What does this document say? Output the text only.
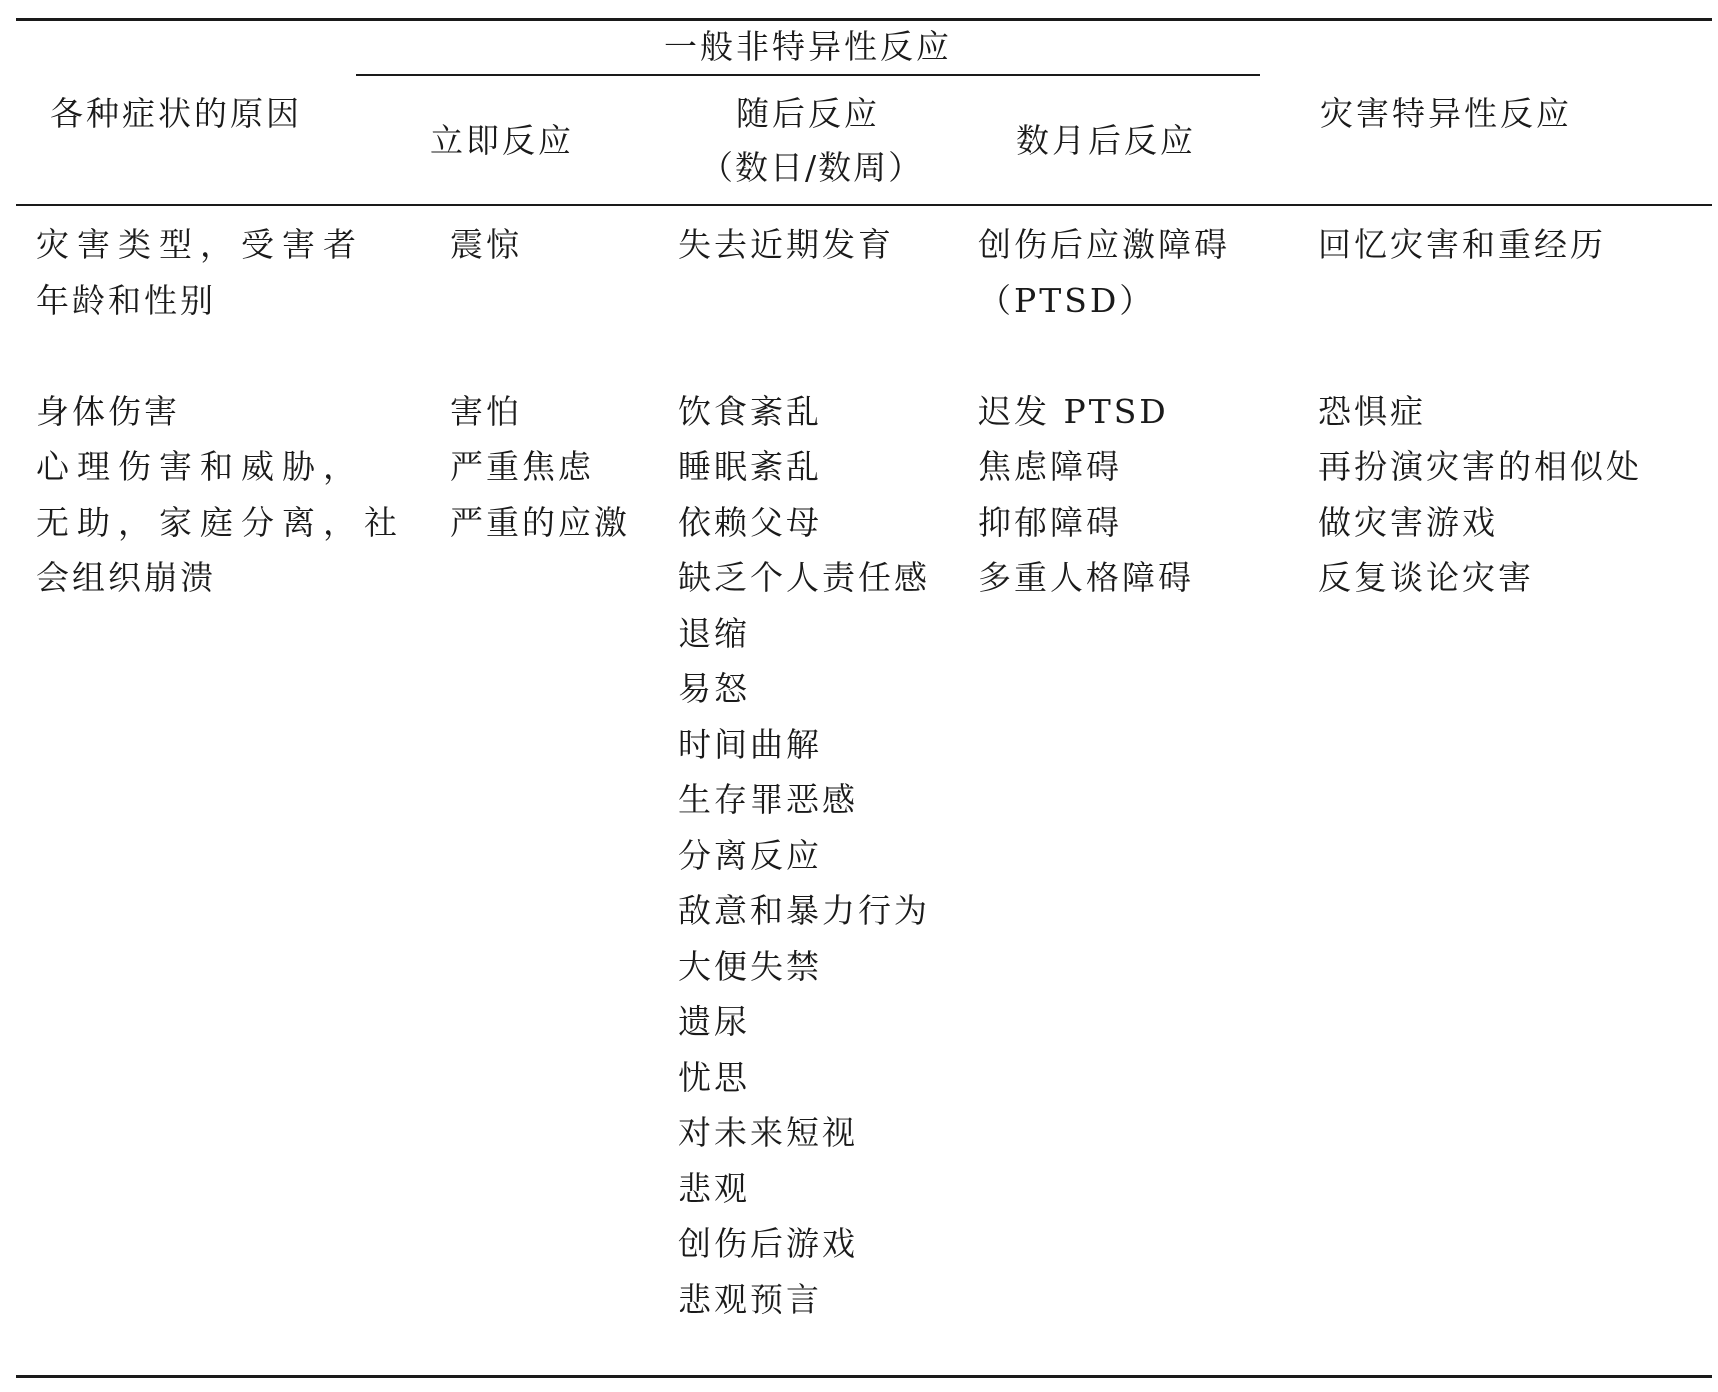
各种症状的原因
一般非特异性反应
立即反应
随后反应
（数日/数周）
数月后反应
灾害特异性反应
灾害类型，受害者
年龄和性别
身体伤害
心理伤害和威胁，
无助，家庭分离，社
会组织崩溃
震惊
害怕
严重焦虑
严重的应激
失去近期发育
饮食紊乱
睡眠紊乱
依赖父母
缺乏个人责任感
退缩
易怒
时间曲解
生存罪恶感
分离反应
敌意和暴力行为
大便失禁
遗尿
忧思
对未来短视
悲观
创伤后游戏
悲观预言
创伤后应激障碍
（PTSD）
迟发 PTSD
焦虑障碍
抑郁障碍
多重人格障碍
回忆灾害和重经历
恐惧症
再扮演灾害的相似处
做灾害游戏
反复谈论灾害
